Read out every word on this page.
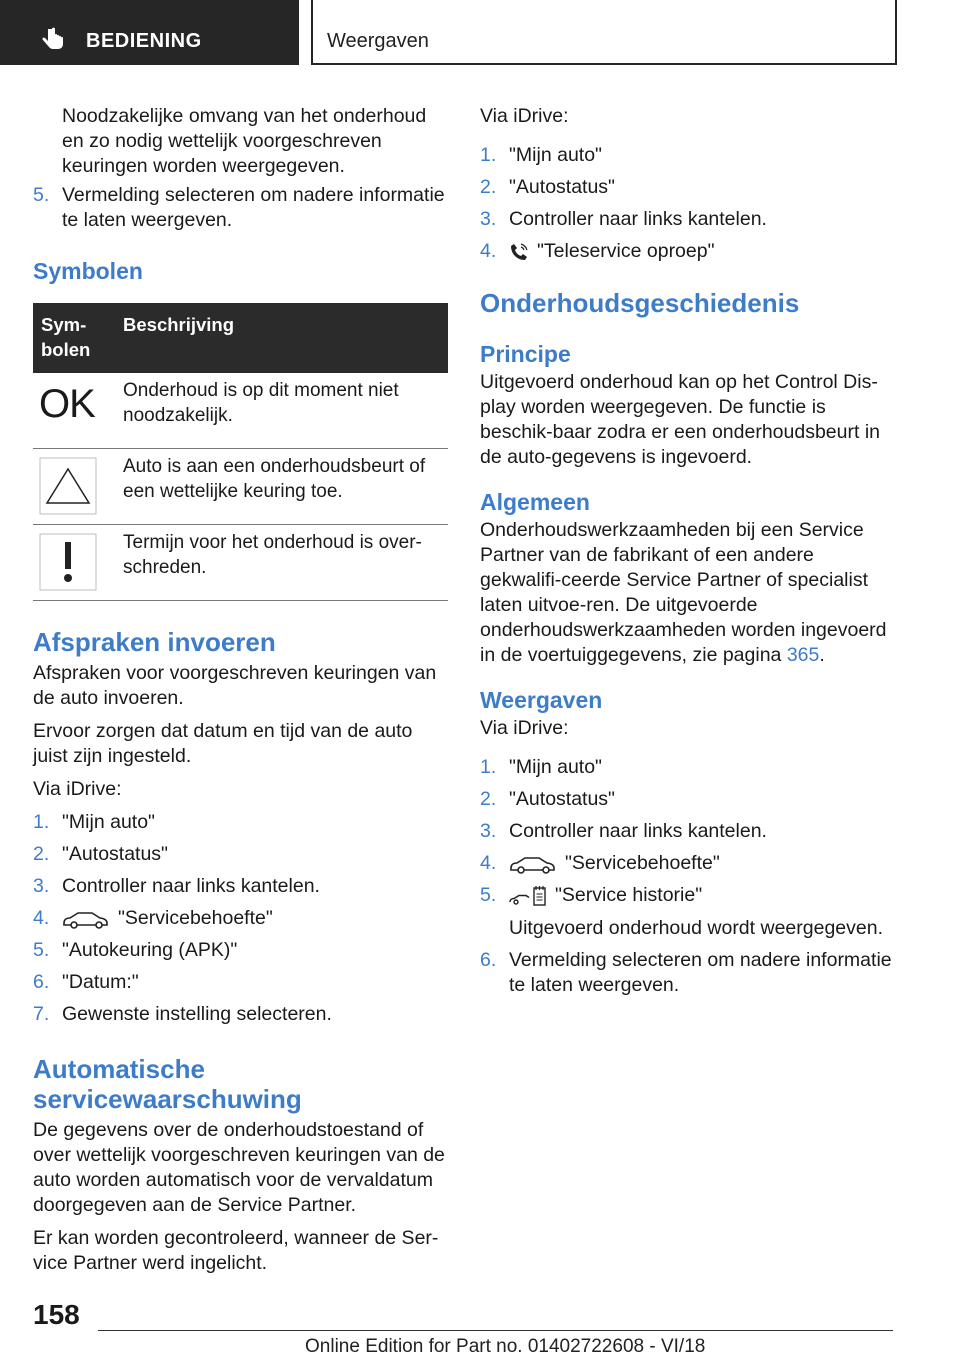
BEDIENING	Weergaven

Noodzakelijke omvang van het onderhoud en zo nodig wettelijk voorgeschreven keuringen worden weergegeven.

5. Vermelding selecteren om nadere informatie te laten weergeven.
Symbolen
Sym-
bolen	Beschrijving

OK	Onderhoud is op dit moment niet noodzakelijk.
	Auto is aan een onderhoudsbeurt of een wettelijke keuring toe.
	Termijn voor het onderhoud is over-schreden.
Afspraken invoeren

Afspraken voor voorgeschreven keuringen van de auto invoeren.

Ervoor zorgen dat datum en tijd van de auto juist zijn ingesteld.

Via iDrive:

1. "Mijn auto"
2. "Autostatus"
3. Controller naar links kantelen.
4.	"Servicebehoefte"
5. "Autokeuring (APK)"
6. "Datum:"
7. Gewenste instelling selecteren.
Automatische
servicewaarschuwing

De gegevens over de onderhoudstoestand of over wettelijk voorgeschreven keuringen van de auto worden automatisch voor de vervaldatum doorgegeven aan de Service Partner.

Er kan worden gecontroleerd, wanneer de Ser-vice Partner werd ingelicht.

Via iDrive:

1. "Mijn auto"
2. "Autostatus"
3. Controller naar links kantelen.
4. "Teleservice oproep"
Onderhoudsgeschiedenis
Principe

Uitgevoerd onderhoud kan op het Control Dis-play worden weergegeven. De functie is beschik-baar zodra er een onderhoudsbeurt in de auto-gegevens is ingevoerd.

Algemeen

Onderhoudswerkzaamheden bij een Service Partner van de fabrikant of een andere gekwalifi-ceerde Service Partner of specialist laten uitvoe-ren. De uitgevoerde onderhoudswerkzaamheden worden ingevoerd in de voertuiggegevens, zie pagina 365.

Weergaven

Via iDrive:

1. "Mijn auto"
2. "Autostatus"
3. Controller naar links kantelen.
4.	"Servicebehoefte"
5.	"Service historie"
Uitgevoerd onderhoud wordt weergegeven.
6. Vermelding selecteren om nadere informatie te laten weergeven.
158
Online Edition for Part no. 01402722608 - VI/18
